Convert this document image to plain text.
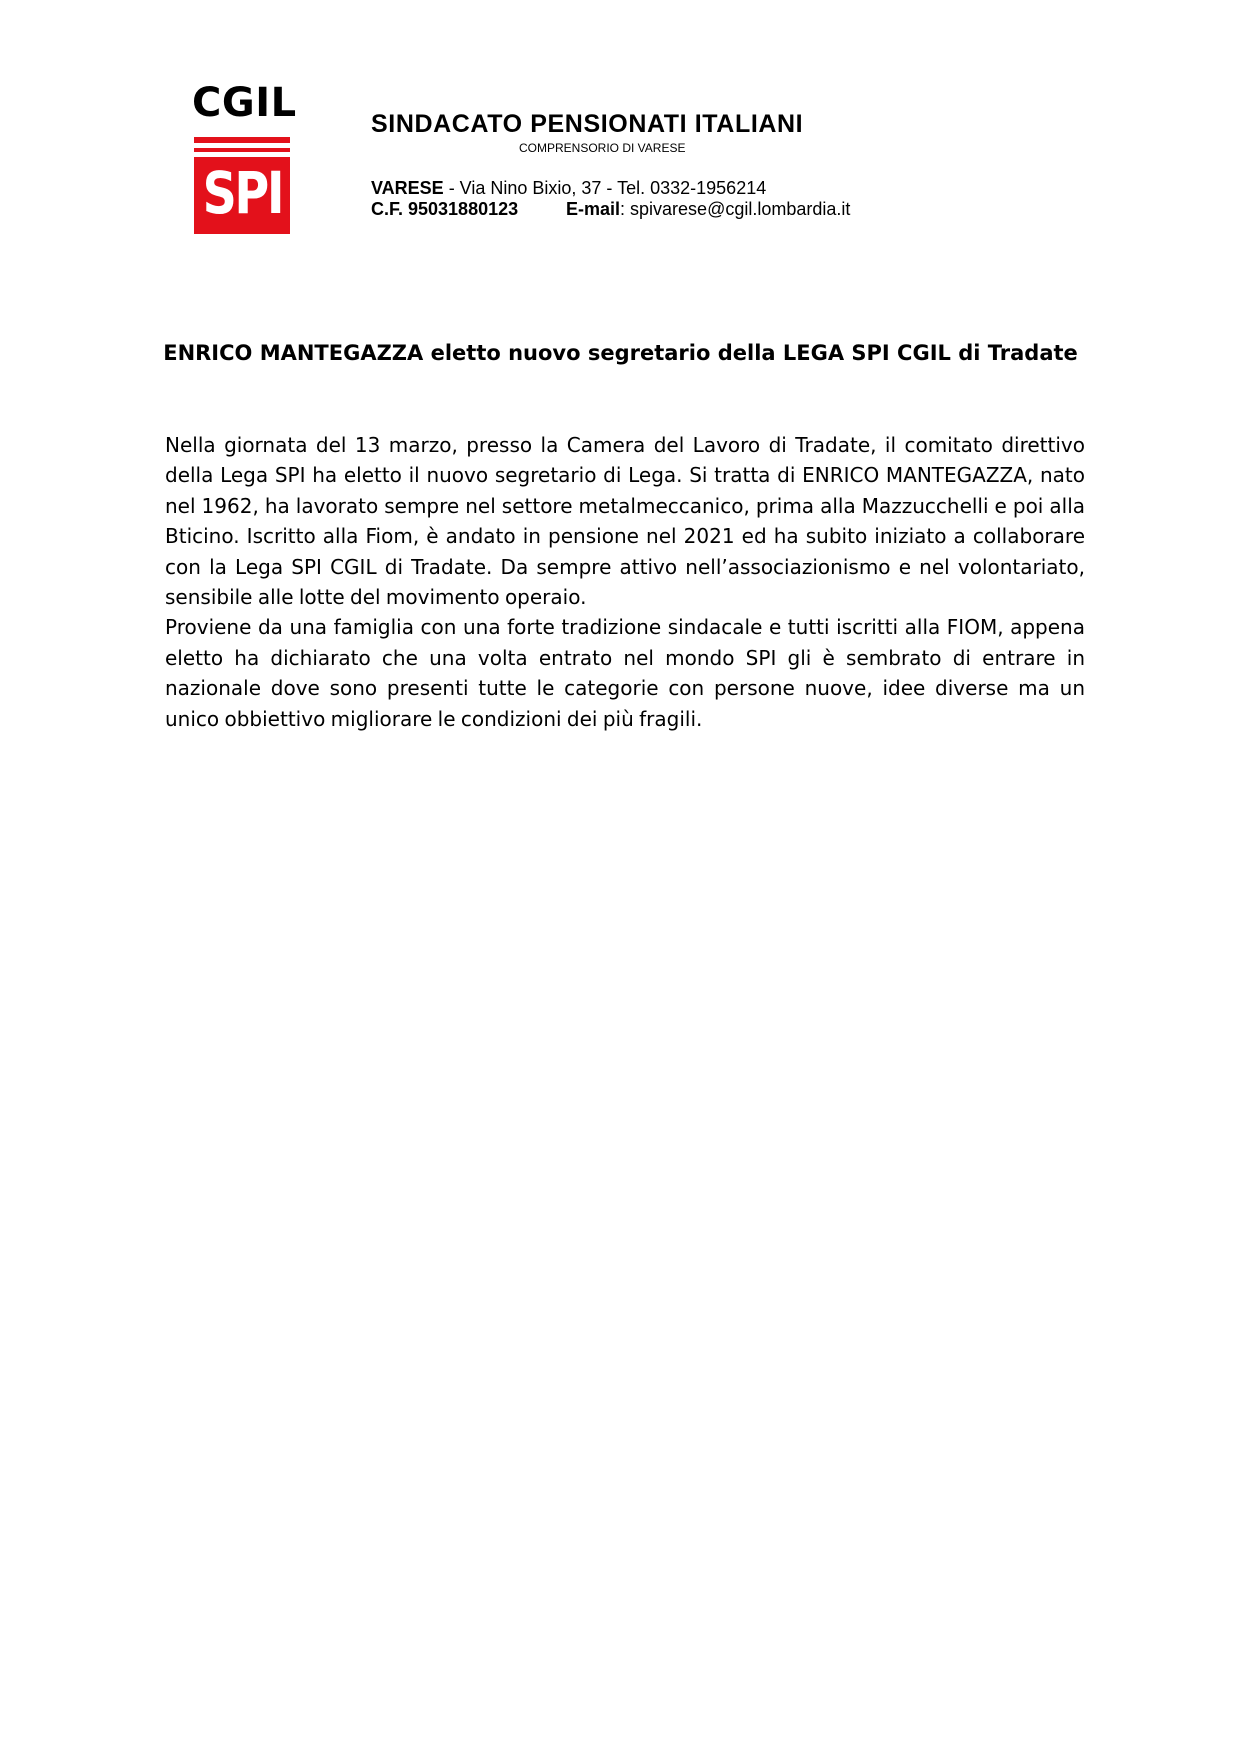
CGIL
SPI
SINDACATO PENSIONATI ITALIANI
COMPRENSORIO DI VARESE
VARESE - Via Nino Bixio, 37 - Tel. 0332-1956214
C.F. 95031880123	E-mail: spivarese@cgil.lombardia.it
ENRICO MANTEGAZZA eletto nuovo segretario della LEGA SPI CGIL di Tradate

Nella giornata del 13 marzo, presso la Camera del Lavoro di Tradate, il comitato direttivo della Lega SPI ha eletto il nuovo segretario di Lega. Si tratta di ENRICO MANTEGAZZA, nato nel 1962, ha lavorato sempre nel settore metalmeccanico, prima alla Mazzucchelli e poi alla Bticino. Iscritto alla Fiom, è andato in pensione nel 2021 ed ha subito iniziato a collaborare con la Lega SPI CGIL di Tradate. Da sempre attivo nell’associazionismo e nel volontariato, sensibile alle lotte del movimento operaio.

Proviene da una famiglia con una forte tradizione sindacale e tutti iscritti alla FIOM, appena eletto ha dichiarato che una volta entrato nel mondo SPI gli è sembrato di entrare in nazionale dove sono presenti tutte le categorie con persone nuove, idee diverse ma un unico obbiettivo migliorare le condizioni dei più fragili.
